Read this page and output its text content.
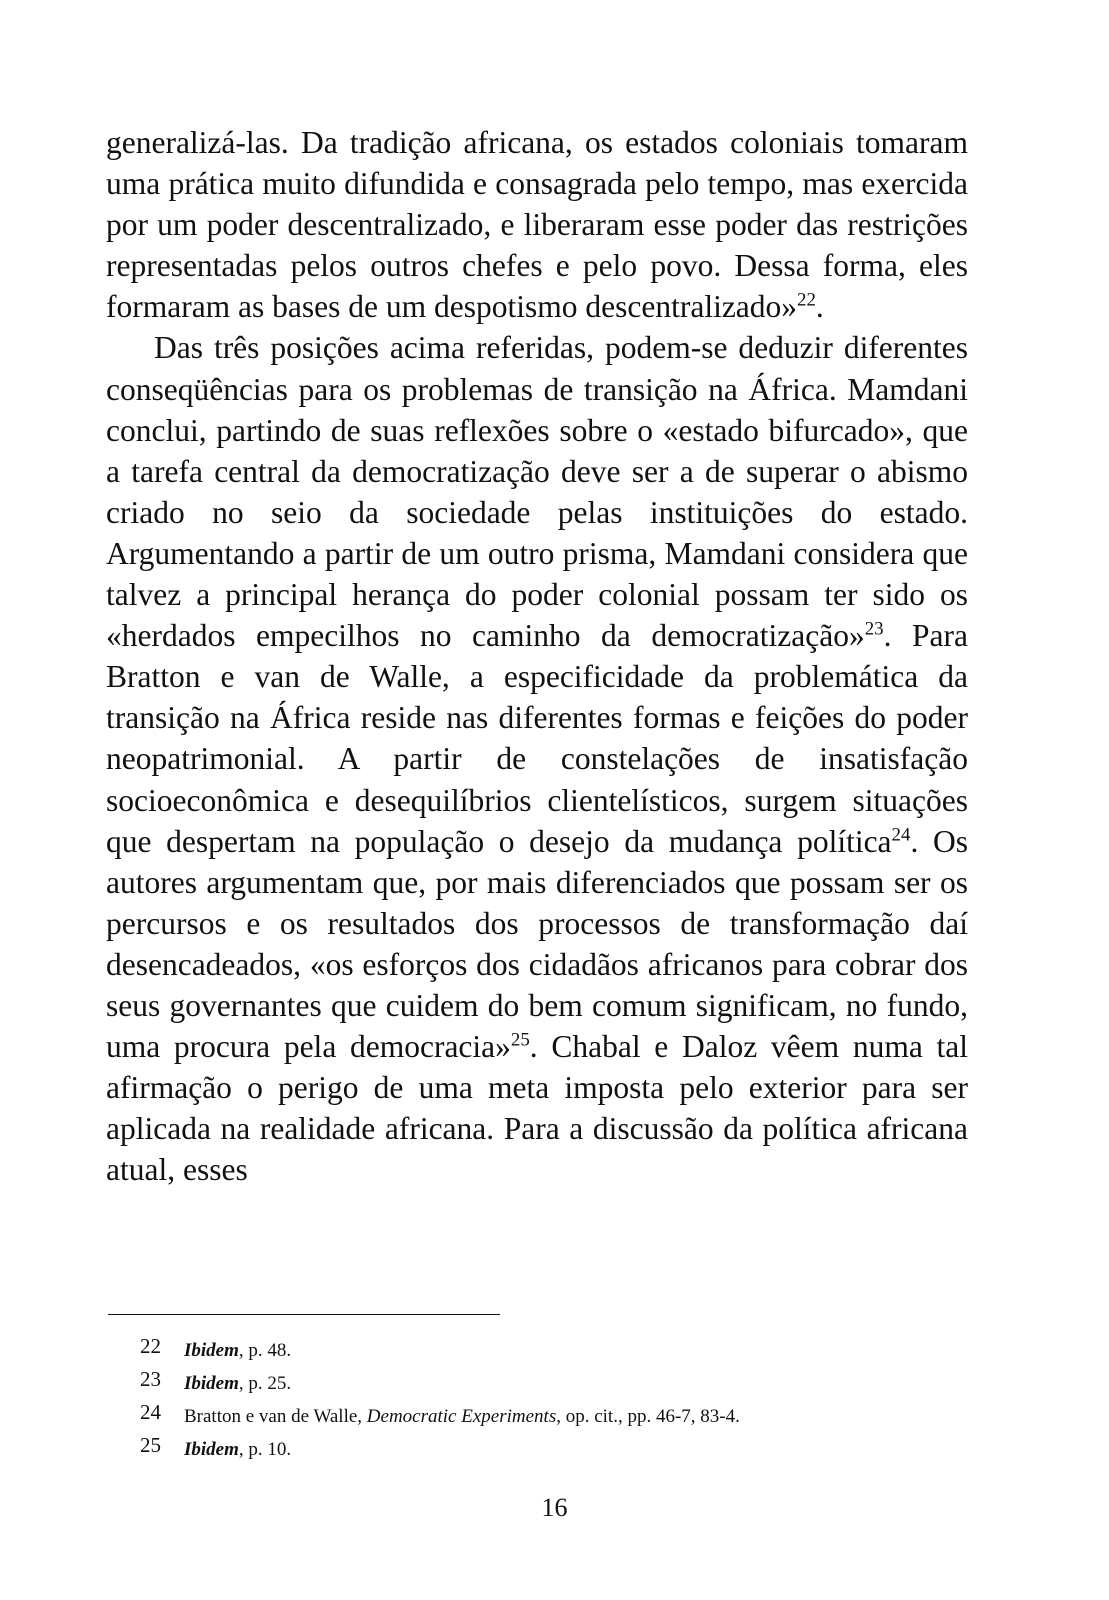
generalizá-las. Da tradição africana, os estados coloniais tomaram uma prática muito difundida e consagrada pelo tempo, mas exercida por um poder descentralizado, e liberaram esse poder das restrições representadas pelos outros chefes e pelo povo. Dessa forma, eles formaram as bases de um despotismo descentralizado»$^{22}$.

Das três posições acima referidas, podem-se deduzir diferentes conseqüências para os problemas de transição na África. Mamdani conclui, partindo de suas reflexões sobre o «estado bifurcado», que a tarefa central da democratização deve ser a de superar o abismo criado no seio da sociedade pelas instituições do estado. Argumentando a partir de um outro prisma, Mamdani considera que talvez a principal herança do poder colonial possam ter sido os «herdados empecilhos no caminho da democratização»$^{23}$. Para Bratton e van de Walle, a especificidade da problemática da transição na África reside nas diferentes formas e feições do poder neopatrimonial. A partir de constelações de insatisfação socioeconômica e desequilíbrios clientelísticos, surgem situações que despertam na população o desejo da mudança política$^{24}$. Os autores argumentam que, por mais diferenciados que possam ser os percursos e os resultados dos processos de transformação daí desencadeados, «os esforços dos cidadãos africanos para cobrar dos seus governantes que cuidem do bem comum significam, no fundo, uma procura pela democracia»$^{25}$. Chabal e Daloz vêem numa tal afirmação o perigo de uma meta imposta pelo exterior para ser aplicada na realidade africana. Para a discussão da política africana atual, esses

22 Ibidem, p. 48.
23 Ibidem, p. 25.
24 Bratton e van de Walle, Democratic Experiments, op. cit., pp. 46-7, 83-4.
25 Ibidem, p. 10.
16
